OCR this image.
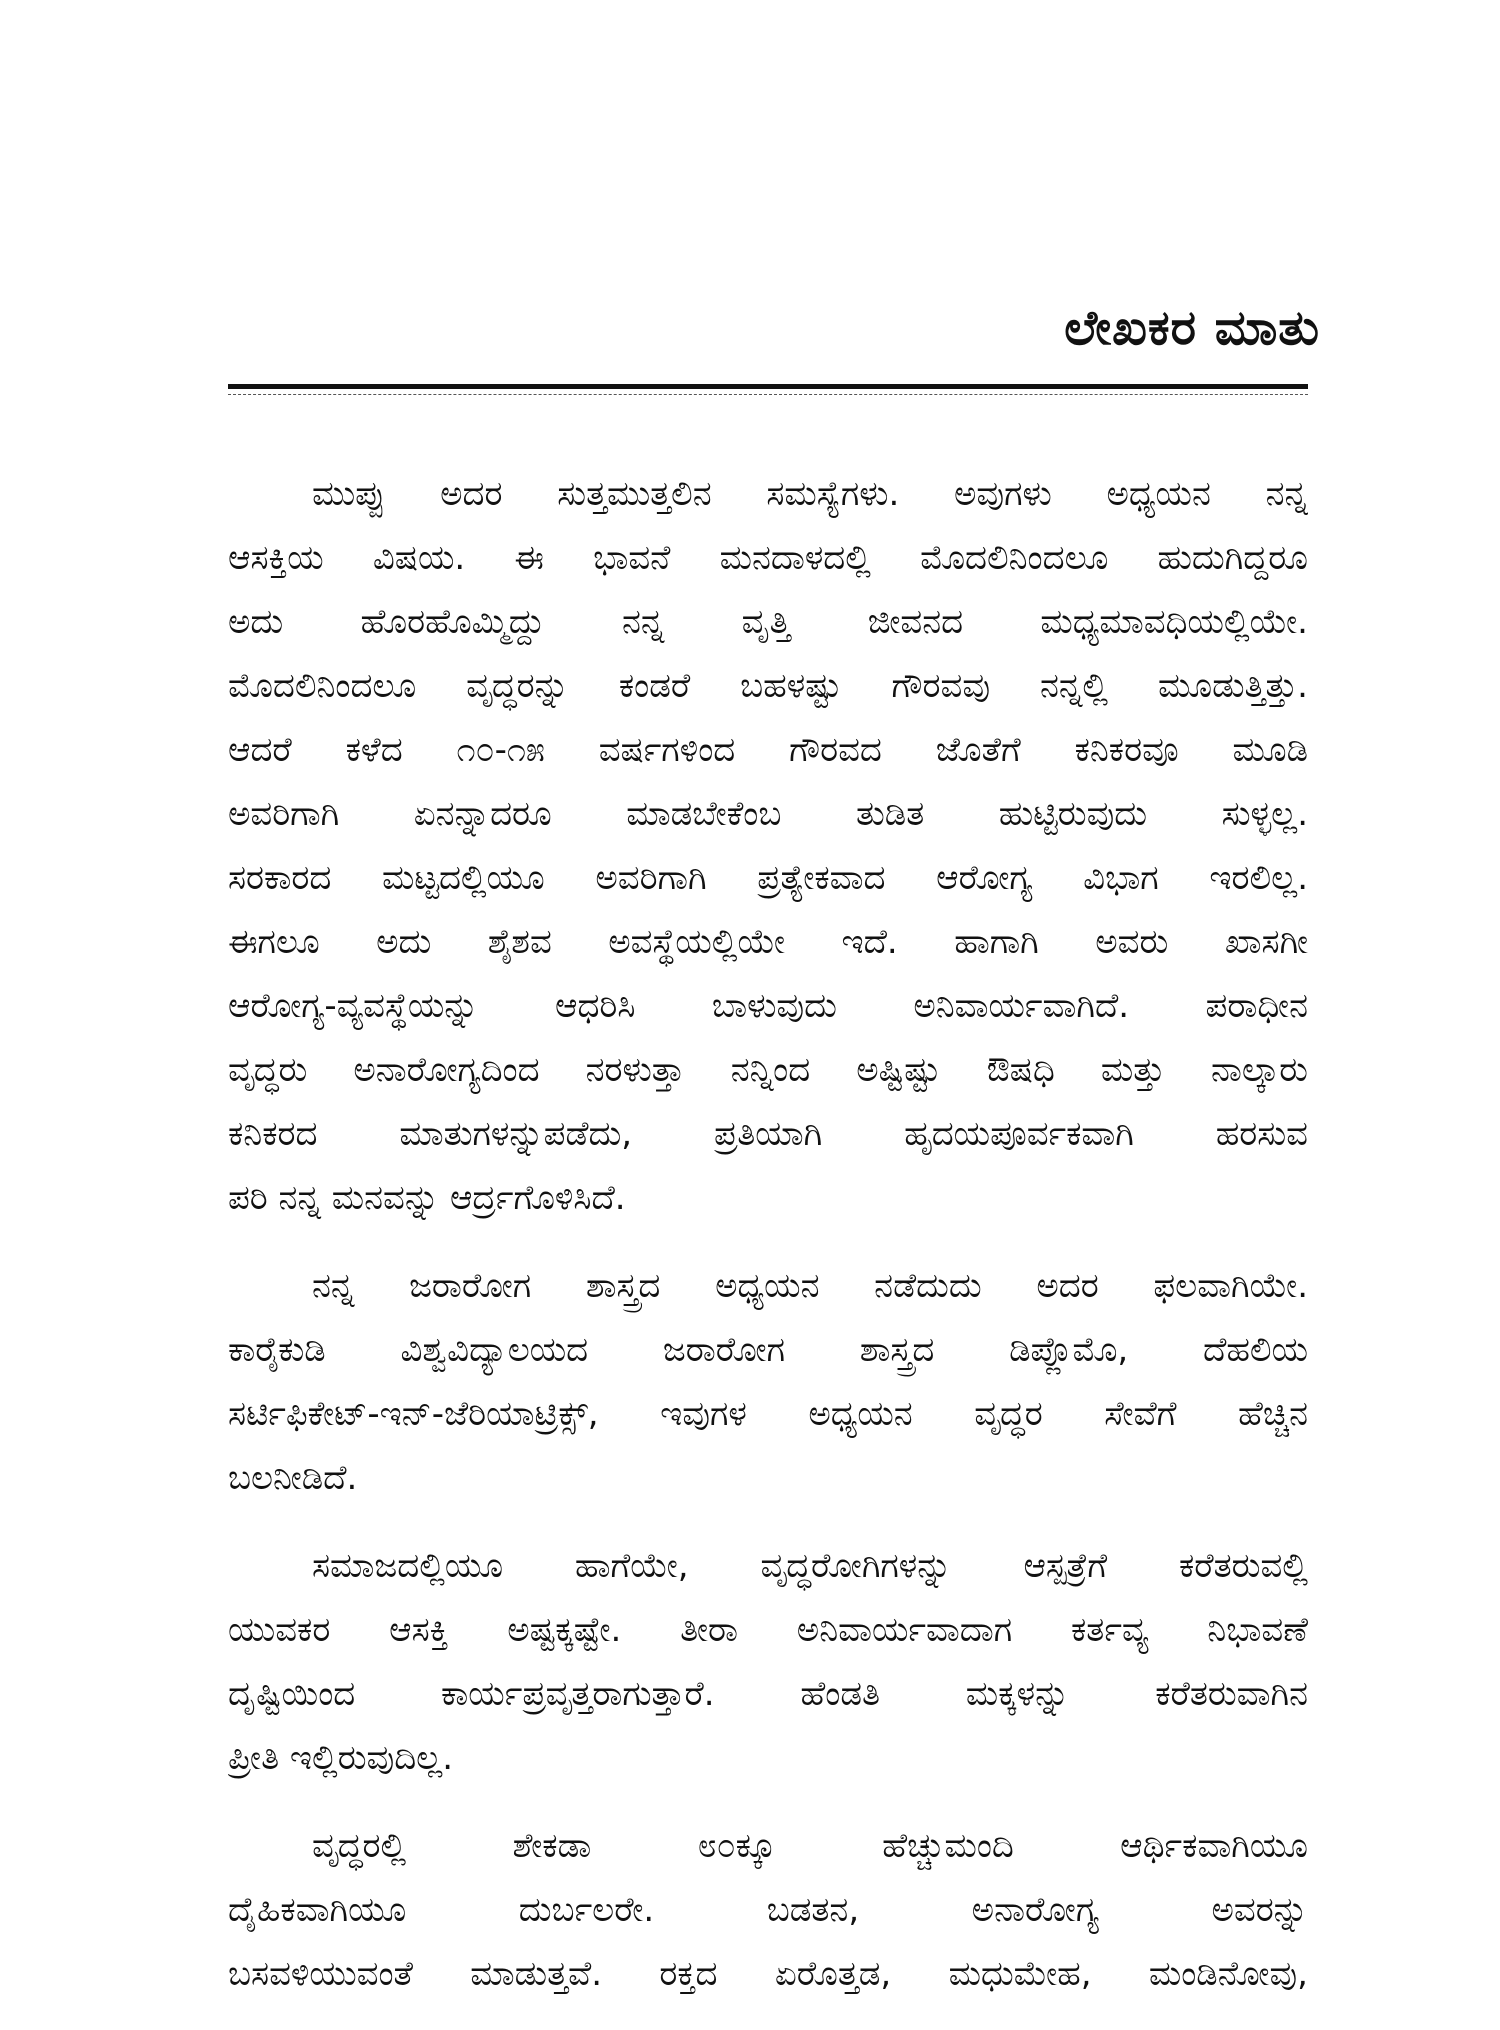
ಲೇಖಕರ ಮಾತು
ಮುಪ್ಪು ಅದರ ಸುತ್ತಮುತ್ತಲಿನ ಸಮಸ್ಯೆಗಳು. ಅವುಗಳು ಅಧ್ಯಯನ ನನ್ನ
ಆಸಕ್ತಿಯ ವಿಷಯ. ಈ ಭಾವನೆ ಮನದಾಳದಲ್ಲಿ ಮೊದಲಿನಿಂದಲೂ ಹುದುಗಿದ್ದರೂ
ಅದು ಹೊರಹೊಮ್ಮಿದ್ದು ನನ್ನ ವೃತ್ತಿ ಜೀವನದ ಮಧ್ಯಮಾವಧಿಯಲ್ಲಿಯೇ.
ಮೊದಲಿನಿಂದಲೂ ವೃದ್ಧರನ್ನು ಕಂಡರೆ ಬಹಳಷ್ಟು ಗೌರವವು ನನ್ನಲ್ಲಿ ಮೂಡುತ್ತಿತ್ತು.
ಆದರೆ ಕಳೆದ ೧೦-೧೫ ವರ್ಷಗಳಿಂದ ಗೌರವದ ಜೊತೆಗೆ ಕನಿಕರವೂ ಮೂಡಿ
ಅವರಿಗಾಗಿ ಏನನ್ನಾದರೂ ಮಾಡಬೇಕೆಂಬ ತುಡಿತ ಹುಟ್ಟಿರುವುದು ಸುಳ್ಳಲ್ಲ.
ಸರಕಾರದ ಮಟ್ಟದಲ್ಲಿಯೂ ಅವರಿಗಾಗಿ ಪ್ರತ್ಯೇಕವಾದ ಆರೋಗ್ಯ ವಿಭಾಗ ಇರಲಿಲ್ಲ.
ಈಗಲೂ ಅದು ಶೈಶವ ಅವಸ್ಥೆಯಲ್ಲಿಯೇ ಇದೆ. ಹಾಗಾಗಿ ಅವರು ಖಾಸಗೀ
ಆರೋಗ್ಯ-ವ್ಯವಸ್ಥೆಯನ್ನು ಆಧರಿಸಿ ಬಾಳುವುದು ಅನಿವಾರ್ಯವಾಗಿದೆ. ಪರಾಧೀನ
ವೃದ್ಧರು ಅನಾರೋಗ್ಯದಿಂದ ನರಳುತ್ತಾ ನನ್ನಿಂದ ಅಷ್ಟಿಷ್ಟು ಔಷಧಿ ಮತ್ತು ನಾಲ್ಕಾರು
ಕನಿಕರದ ಮಾತುಗಳನ್ನುಪಡೆದು, ಪ್ರತಿಯಾಗಿ ಹೃದಯಪೂರ್ವಕವಾಗಿ ಹರಸುವ
ಪರಿ ನನ್ನ ಮನವನ್ನು ಆರ್ದ್ರಗೊಳಿಸಿದೆ.
ನನ್ನ ಜರಾರೋಗ ಶಾಸ್ತ್ರದ ಅಧ್ಯಯನ ನಡೆದುದು ಅದರ ಫಲವಾಗಿಯೇ.
ಕಾರೈಕುಡಿ ವಿಶ್ವವಿದ್ಯಾಲಯದ ಜರಾರೋಗ ಶಾಸ್ತ್ರದ ಡಿಪ್ಲೊಮೊ, ದೆಹಲಿಯ
ಸರ್ಟಿಫಿಕೇಟ್-ಇನ್-ಜೆರಿಯಾಟ್ರಿಕ್ಸ್, ಇವುಗಳ ಅಧ್ಯಯನ ವೃದ್ಧರ ಸೇವೆಗೆ ಹೆಚ್ಚಿನ
ಬಲನೀಡಿದೆ.
ಸಮಾಜದಲ್ಲಿಯೂ ಹಾಗೆಯೇ, ವೃದ್ಧರೋಗಿಗಳನ್ನು ಆಸ್ಪತ್ರೆಗೆ ಕರೆತರುವಲ್ಲಿ
ಯುವಕರ ಆಸಕ್ತಿ ಅಷ್ಟಕ್ಕಷ್ಟೇ. ತೀರಾ ಅನಿವಾರ್ಯವಾದಾಗ ಕರ್ತವ್ಯ ನಿಭಾವಣೆ
ದೃಷ್ಟಿಯಿಂದ ಕಾರ್ಯಪ್ರವೃತ್ತರಾಗುತ್ತಾರೆ. ಹೆಂಡತಿ ಮಕ್ಕಳನ್ನು ಕರೆತರುವಾಗಿನ
ಪ್ರೀತಿ ಇಲ್ಲಿರುವುದಿಲ್ಲ.
ವೃದ್ಧರಲ್ಲಿ ಶೇಕಡಾ ೮೦ಕ್ಕೂ ಹೆಚ್ಚುಮಂದಿ ಆರ್ಥಿಕವಾಗಿಯೂ
ದೈಹಿಕವಾಗಿಯೂ ದುರ್ಬಲರೇ. ಬಡತನ, ಅನಾರೋಗ್ಯ ಅವರನ್ನು
ಬಸವಳಿಯುವಂತೆ ಮಾಡುತ್ತವೆ. ರಕ್ತದ ಏರೊತ್ತಡ, ಮಧುಮೇಹ, ಮಂಡಿನೋವು,
